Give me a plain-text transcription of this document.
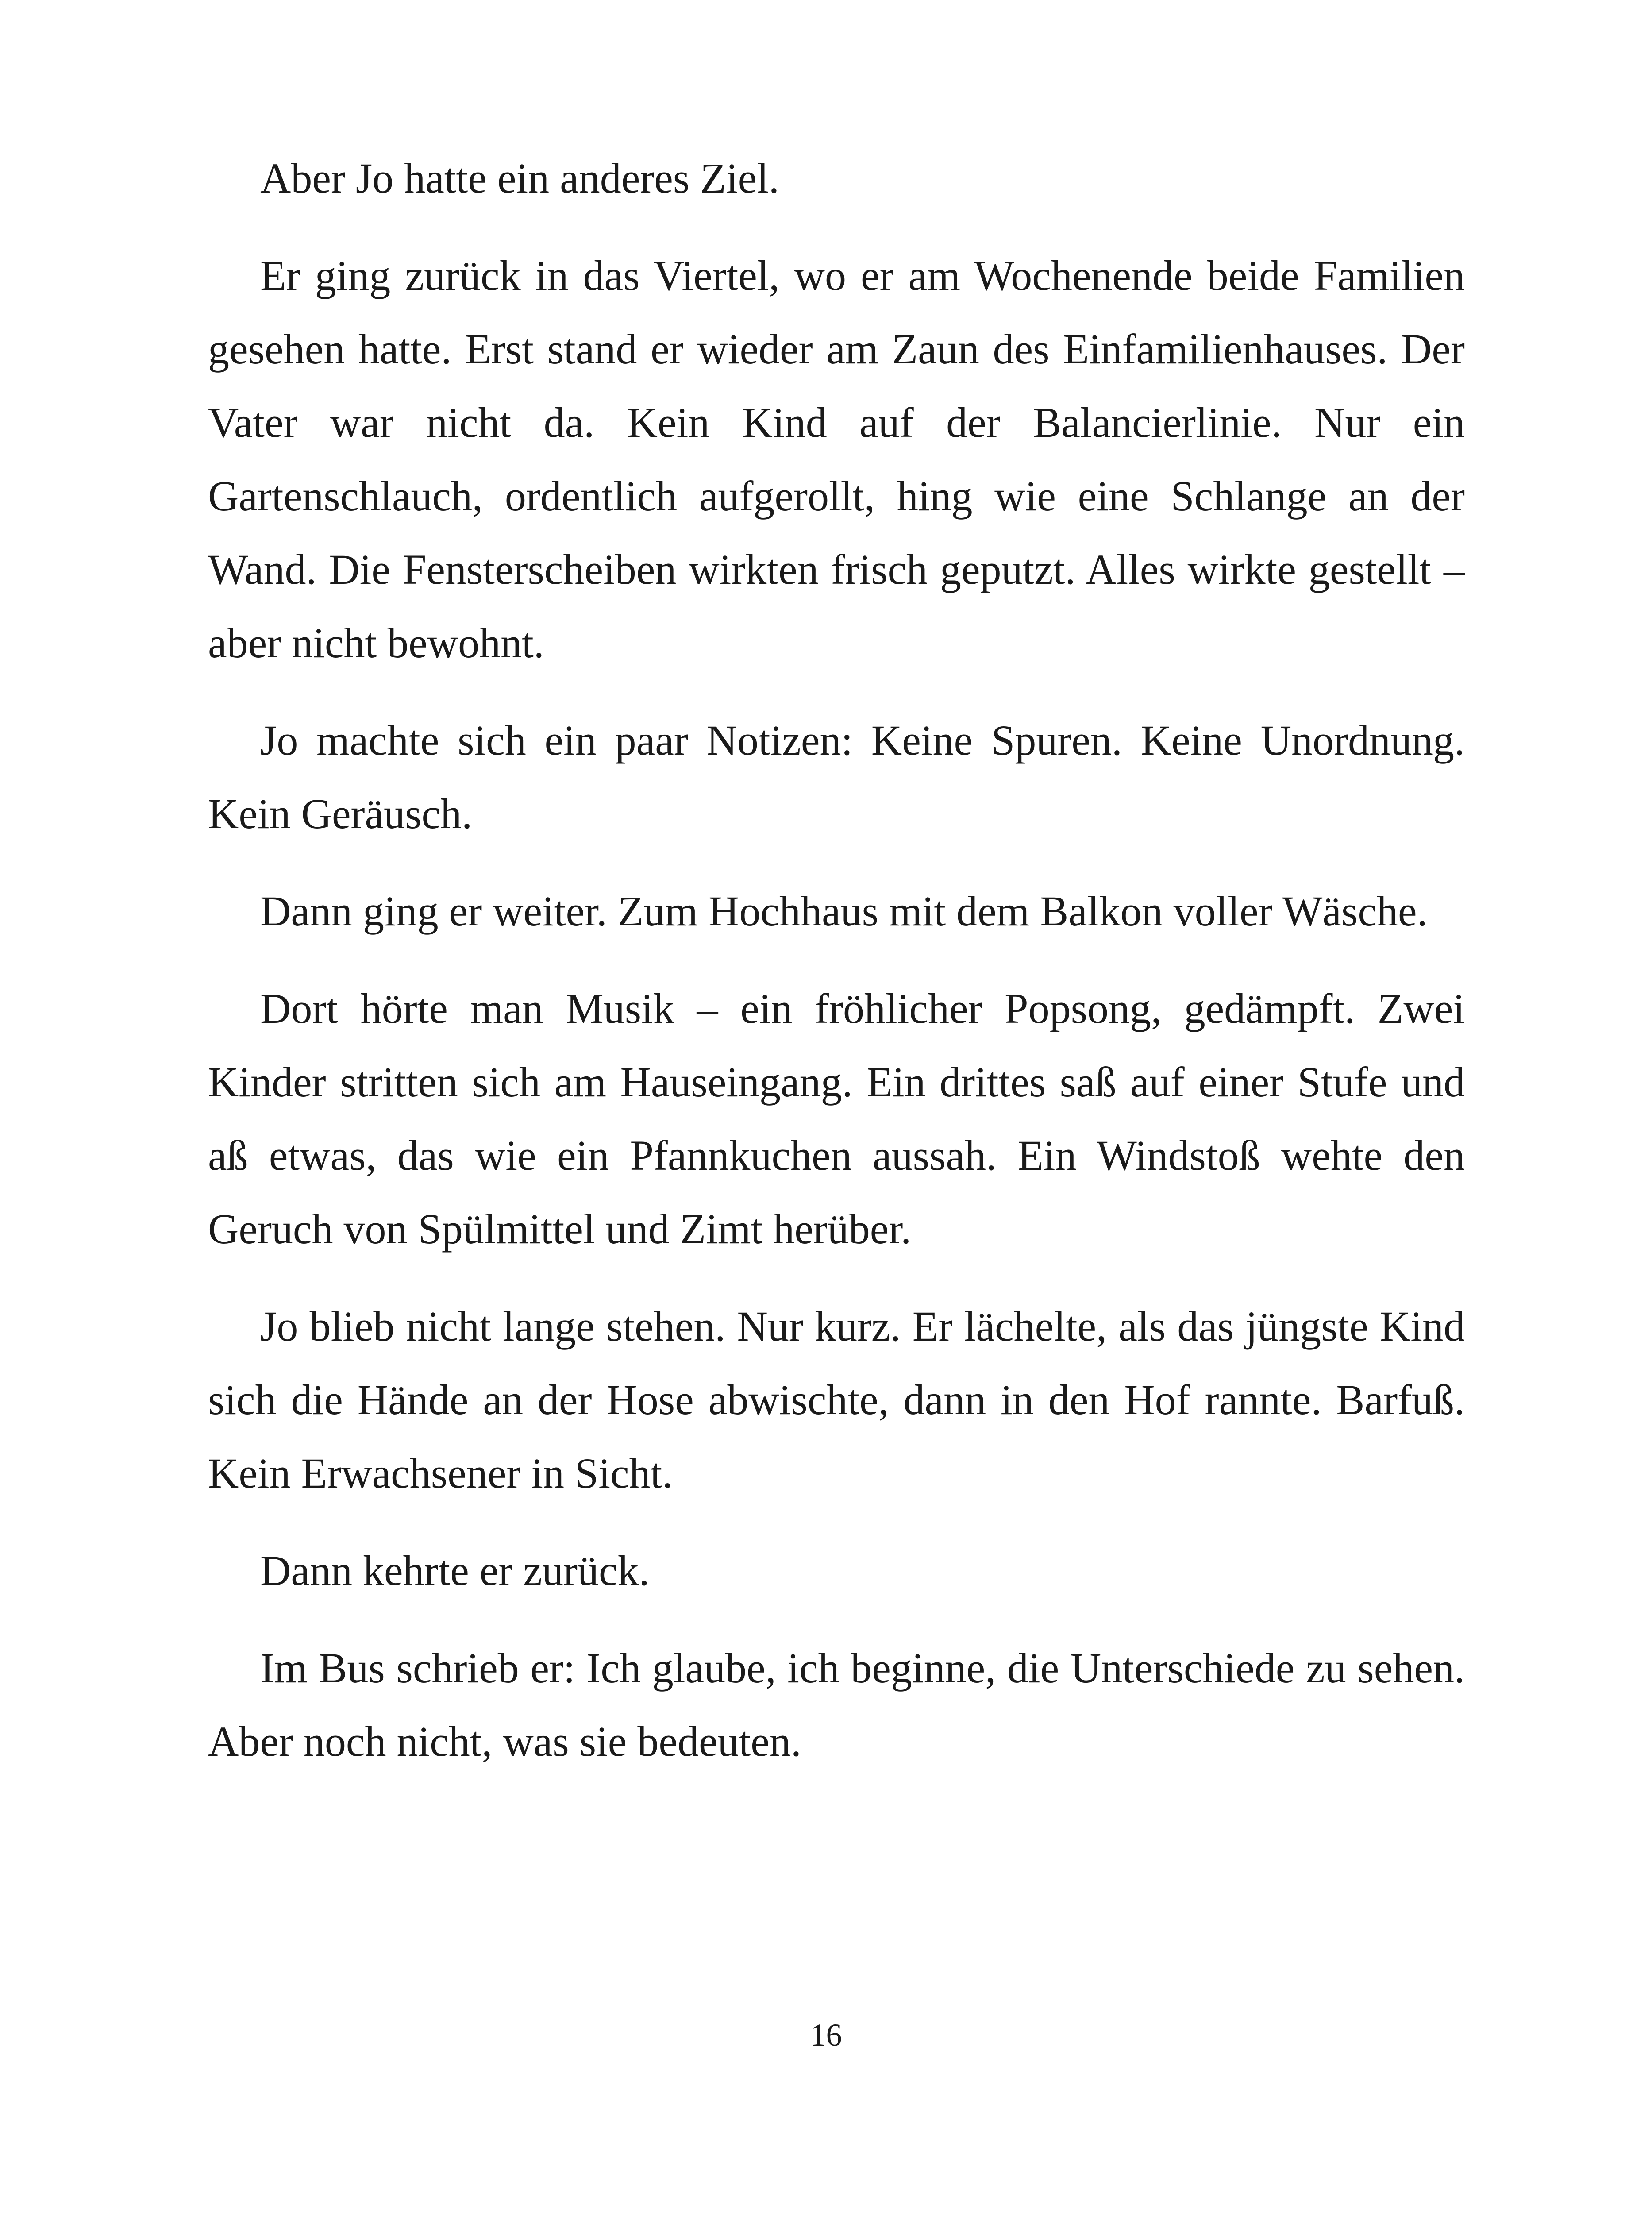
Aber Jo hatte ein anderes Ziel.

Er ging zurück in das Viertel, wo er am Wochenende beide Familien gesehen hatte. Erst stand er wieder am Zaun des Einfamilienhauses. Der Vater war nicht da. Kein Kind auf der Balancierlinie. Nur ein Gartenschlauch, ordentlich aufgerollt, hing wie eine Schlange an der Wand. Die Fensterscheiben wirkten frisch geputzt. Alles wirkte gestellt – aber nicht bewohnt.

Jo machte sich ein paar Notizen: Keine Spuren. Keine Unordnung. Kein Geräusch.

Dann ging er weiter. Zum Hochhaus mit dem Balkon voller Wäsche.

Dort hörte man Musik – ein fröhlicher Popsong, gedämpft. Zwei Kinder stritten sich am Hauseingang. Ein drittes saß auf einer Stufe und aß etwas, das wie ein Pfannkuchen aussah. Ein Windstoß wehte den Geruch von Spülmittel und Zimt herüber.

Jo blieb nicht lange stehen. Nur kurz. Er lächelte, als das jüngste Kind sich die Hände an der Hose abwischte, dann in den Hof rannte. Barfuß. Kein Erwachsener in Sicht.

Dann kehrte er zurück.

Im Bus schrieb er: Ich glaube, ich beginne, die Unterschiede zu sehen. Aber noch nicht, was sie bedeuten.

16
